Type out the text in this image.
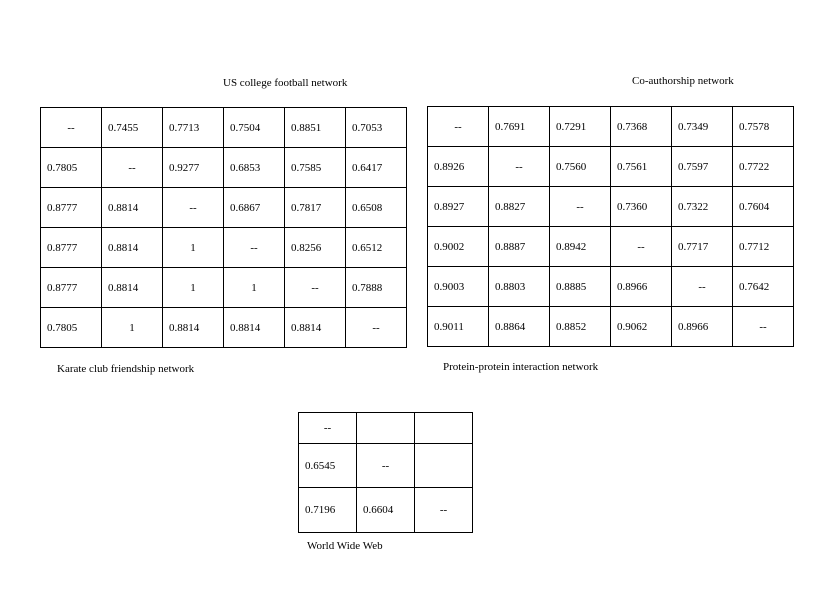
US college football network
--	0.7455	0.7713	0.7504	0.8851	0.7053
0.7805	--	0.9277	0.6853	0.7585	0.6417
0.8777	0.8814	--	0.6867	0.7817	0.6508
0.8777	0.8814	1	--	0.8256	0.6512
0.8777	0.8814	1	1	--	0.7888
0.7805	1	0.8814	0.8814	0.8814	--
Karate club friendship network
Co-authorship network
--	0.7691	0.7291	0.7368	0.7349	0.7578
0.8926	--	0.7560	0.7561	0.7597	0.7722
0.8927	0.8827	--	0.7360	0.7322	0.7604
0.9002	0.8887	0.8942	--	0.7717	0.7712
0.9003	0.8803	0.8885	0.8966	--	0.7642
0.9011	0.8864	0.8852	0.9062	0.8966	--
Protein-protein interaction network
--		
0.6545	--	
0.7196	0.6604	--
World Wide Web
